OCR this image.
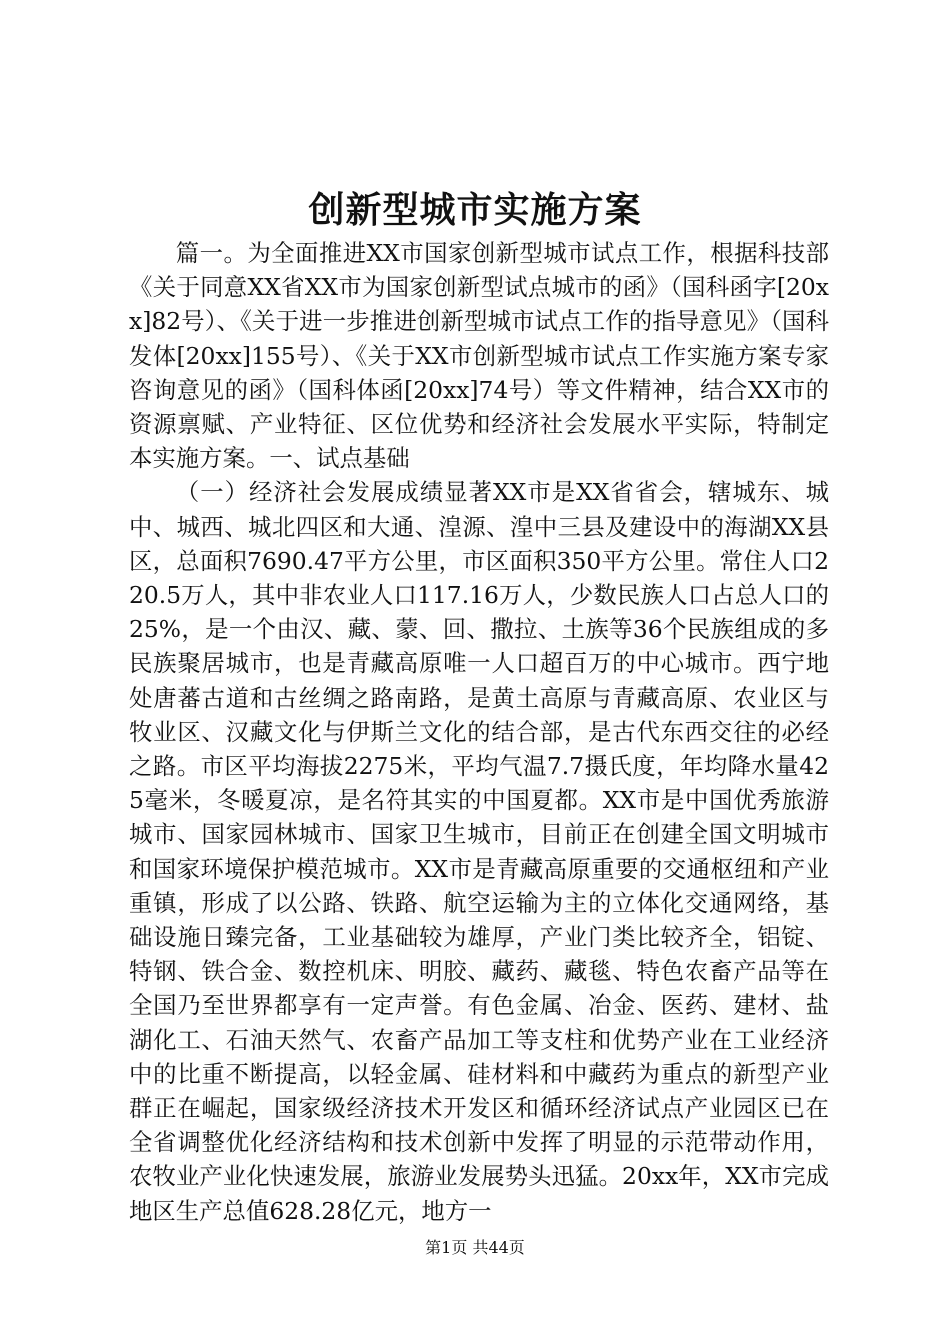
创新型城市实施方案

篇一。为全面推进XX市国家创新型城市试点工作，根据科技部《关于同意XX省XX市为国家创新型试点城市的函》（国科函字[20xx]82号）、《关于进一步推进创新型城市试点工作的指导意见》（国科发体[20xx]155号）、《关于XX市创新型城市试点工作实施方案专家咨询意见的函》（国科体函[20xx]74号）等文件精神，结合XX市的资源禀赋、产业特征、区位优势和经济社会发展水平实际，特制定本实施方案。一、试点基础

（一）经济社会发展成绩显著XX市是XX省省会，辖城东、城中、城西、城北四区和大通、湟源、湟中三县及建设中的海湖XX县区，总面积7690.47平方公里，市区面积350平方公里。常住人口220.5万人，其中非农业人口117.16万人，少数民族人口占总人口的25%，是一个由汉、藏、蒙、回、撒拉、土族等36个民族组成的多民族聚居城市，也是青藏高原唯一人口超百万的中心城市。西宁地处唐蕃古道和古丝绸之路南路，是黄土高原与青藏高原、农业区与牧业区、汉藏文化与伊斯兰文化的结合部，是古代东西交往的必经之路。市区平均海拔2275米，平均气温7.7摄氏度，年均降水量425毫米，冬暖夏凉，是名符其实的中国夏都。XX市是中国优秀旅游城市、国家园林城市、国家卫生城市，目前正在创建全国文明城市和国家环境保护模范城市。XX市是青藏高原重要的交通枢纽和产业重镇，形成了以公路、铁路、航空运输为主的立体化交通网络，基础设施日臻完备，工业基础较为雄厚，产业门类比较齐全，铝锭、特钢、铁合金、数控机床、明胶、藏药、藏毯、特色农畜产品等在全国乃至世界都享有一定声誉。有色金属、冶金、医药、建材、盐湖化工、石油天然气、农畜产品加工等支柱和优势产业在工业经济中的比重不断提高，以轻金属、硅材料和中藏药为重点的新型产业群正在崛起，国家级经济技术开发区和循环经济试点产业园区已在全省调整优化经济结构和技术创新中发挥了明显的示范带动作用，农牧业产业化快速发展，旅游业发展势头迅猛。20xx年，XX市完成地区生产总值628.28亿元，地方一

第1页 共44页
